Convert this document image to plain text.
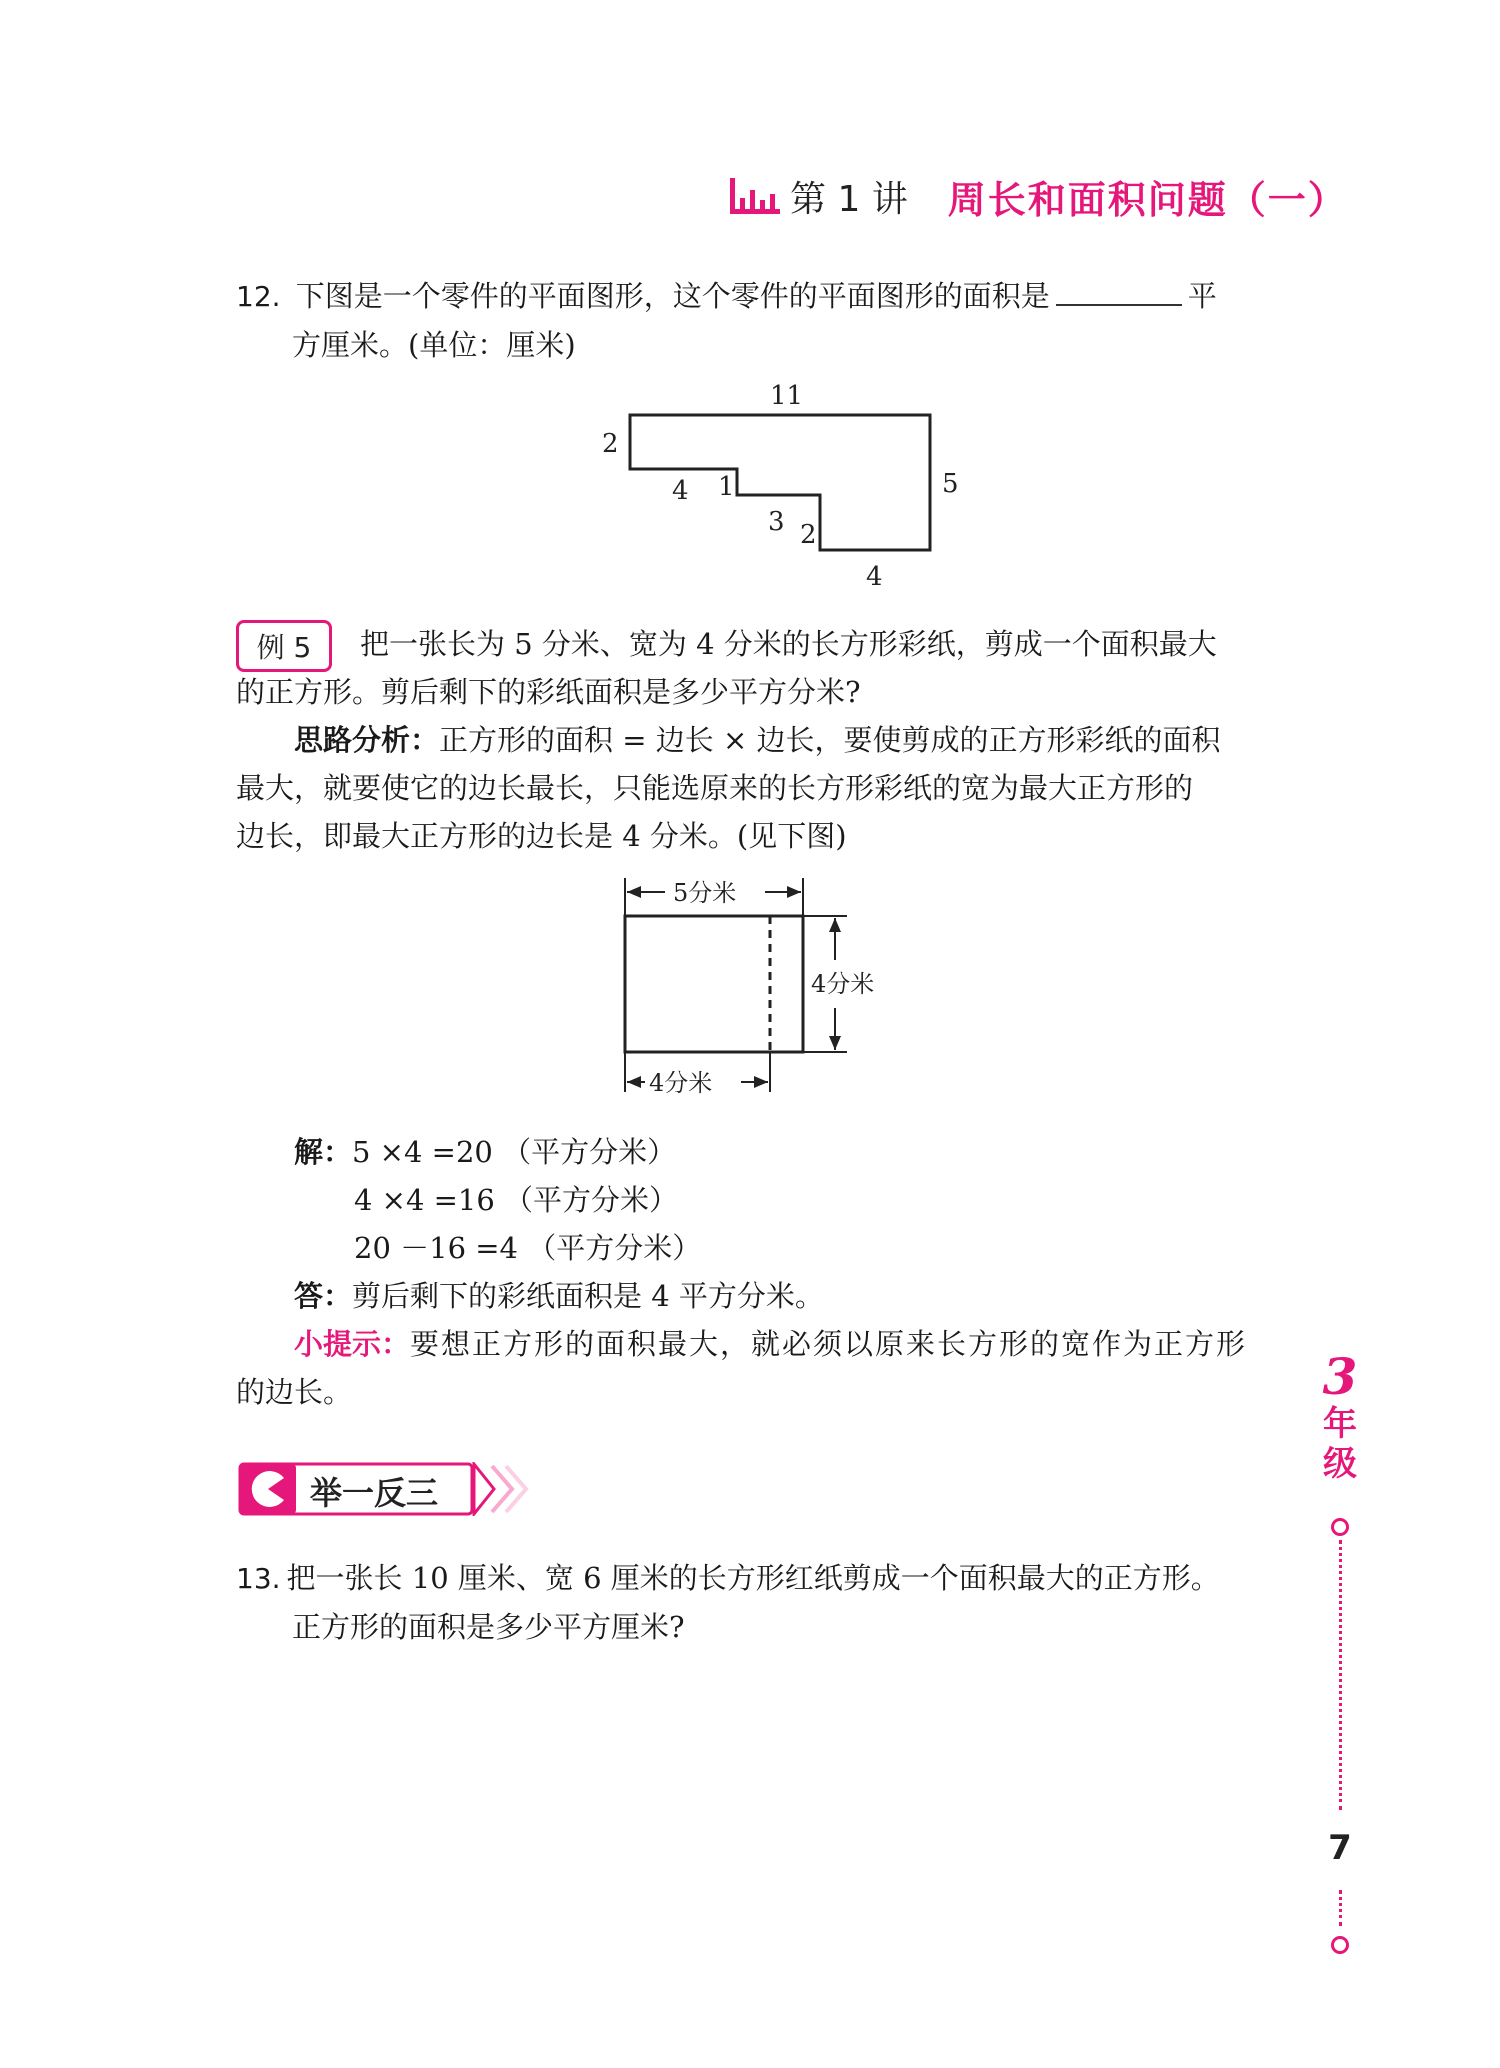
第 1 讲 周长和面积问题（一）
12. 下图是一个零件的平面图形，这个零件的平面图形的面积是	平
方厘米。(单位：厘米)
11
2
4 1
3 2
5
4
例 5	把一张长为 5 分米、宽为 4 分米的长方形彩纸，剪成一个面积最大
的正方形。剪后剩下的彩纸面积是多少平方分米?
思路分析：正方形的面积 = 边长 × 边长，要使剪成的正方形彩纸的面积
最大，就要使它的边长最长，只能选原来的长方形彩纸的宽为最大正方形的
边长，即最大正方形的边长是 4 分米。(见下图)
5分米
4分米
4分米
解：5 ×4 =20 （平方分米）
4 ×4 =16 （平方分米）
20 －16 =4 （平方分米）
答：剪后剩下的彩纸面积是 4 平方分米。
小提示：要想正方形的面积最大，就必须以原来长方形的宽作为正方形
的边长。
举一反三
13. 把一张长 10 厘米、宽 6 厘米的长方形红纸剪成一个面积最大的正方形。
正方形的面积是多少平方厘米?
3
年
级
7
